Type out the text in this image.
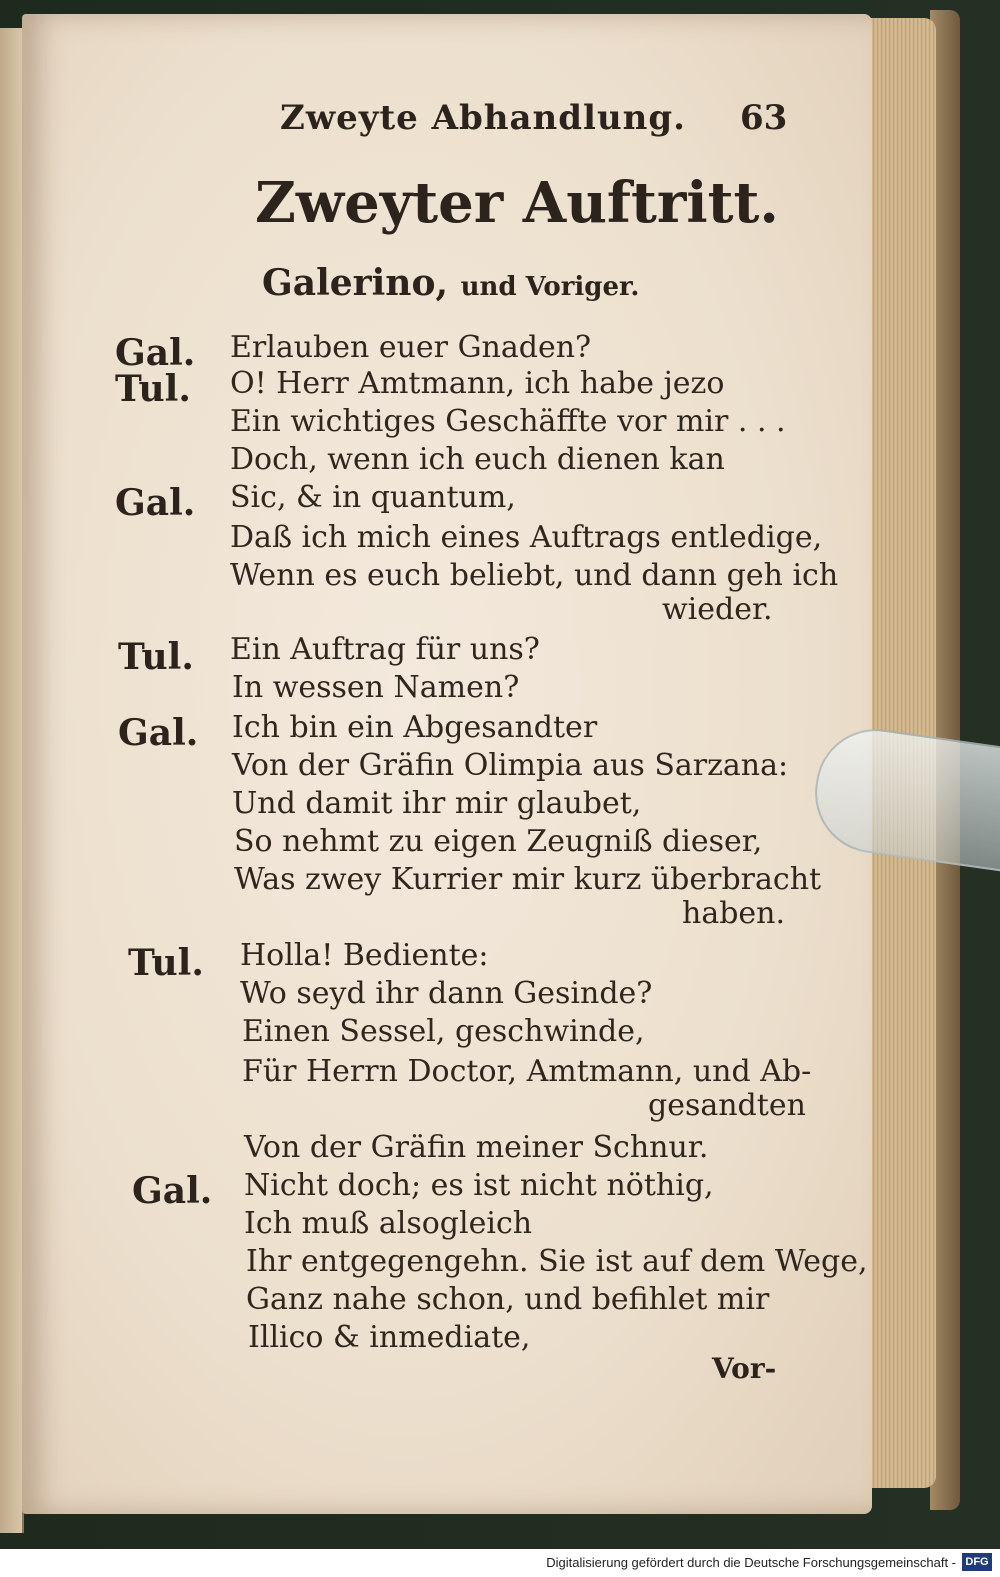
Zweyte Abhandlung. 63
Zweyter Auftritt.
Galerino, und Voriger.
Gal. Erlauben euer Gnaden?
Tul. O! Herr Amtmann, ich habe jezo
Ein wichtiges Geschäffte vor mir . . .
Doch, wenn ich euch dienen kan
Gal. Sic, & in quantum,
Daß ich mich eines Auftrags entledige,
Wenn es euch beliebt, und dann geh ich
wieder.
Tul. Ein Auftrag für uns?
In wessen Namen?
Gal. Ich bin ein Abgesandter
Von der Gräfin Olimpia aus Sarzana:
Und damit ihr mir glaubet,
So nehmt zu eigen Zeugniß dieser,
Was zwey Kurrier mir kurz überbracht
haben.
Tul. Holla! Bediente:
Wo seyd ihr dann Gesinde?
Einen Sessel, geschwinde,
Für Herrn Doctor, Amtmann, und Ab-
gesandten
Von der Gräfin meiner Schnur.
Gal. Nicht doch; es ist nicht nöthig,
Ich muß alsogleich
Ihr entgegengehn. Sie ist auf dem Wege,
Ganz nahe schon, und befihlet mir
Illico & inmediate,
Vor-
Digitalisierung gefördert durch die Deutsche Forschungsgemeinschaft - DFG
